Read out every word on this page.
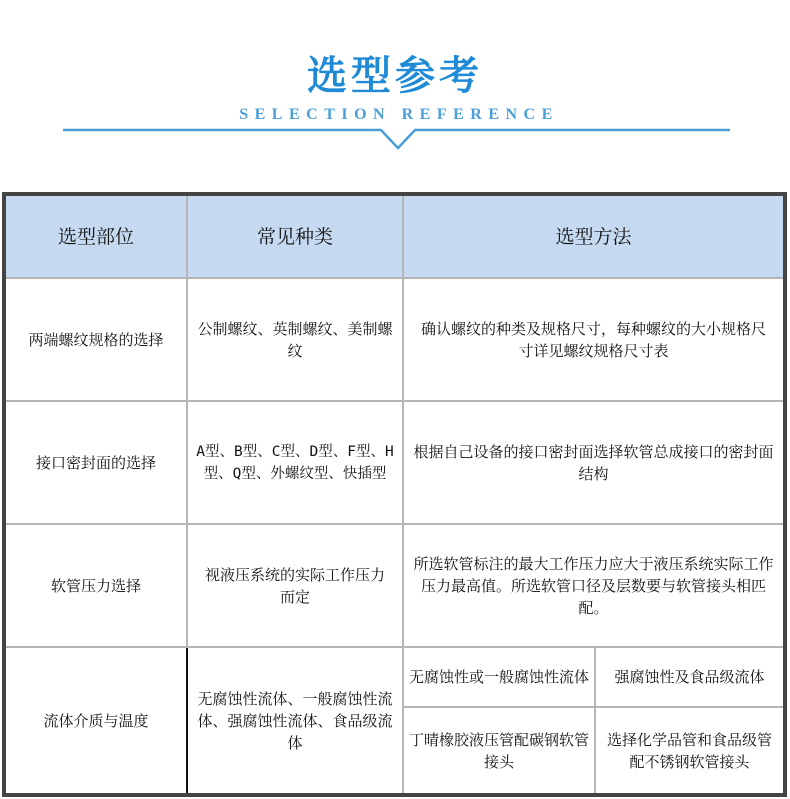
选型参考
SELECTION REFERENCE
选型部位	常见种类	选型方法
两端螺纹规格的选择
公制螺纹、英制螺纹、美制螺纹
确认螺纹的种类及规格尺寸，每种螺纹的大小规格尺寸详见螺纹规格尺寸表
接口密封面的选择
A型、B型、C型、D型、F型、H型、Q型、外螺纹型、快插型
根据自己设备的接口密封面选择软管总成接口的密封面结构
软管压力选择
视液压系统的实际工作压力而定
所选软管标注的最大工作压力应大于液压系统实际工作压力最高值。所选软管口径及层数要与软管接头相匹配。
流体介质与温度
无腐蚀性流体、一般腐蚀性流体、强腐蚀性流体、食品级流体
无腐蚀性或一般腐蚀性流体 强腐蚀性及食品级流体
丁晴橡胶液压管配碳钢软管接头
选择化学品管和食品级管配不锈钢软管接头
